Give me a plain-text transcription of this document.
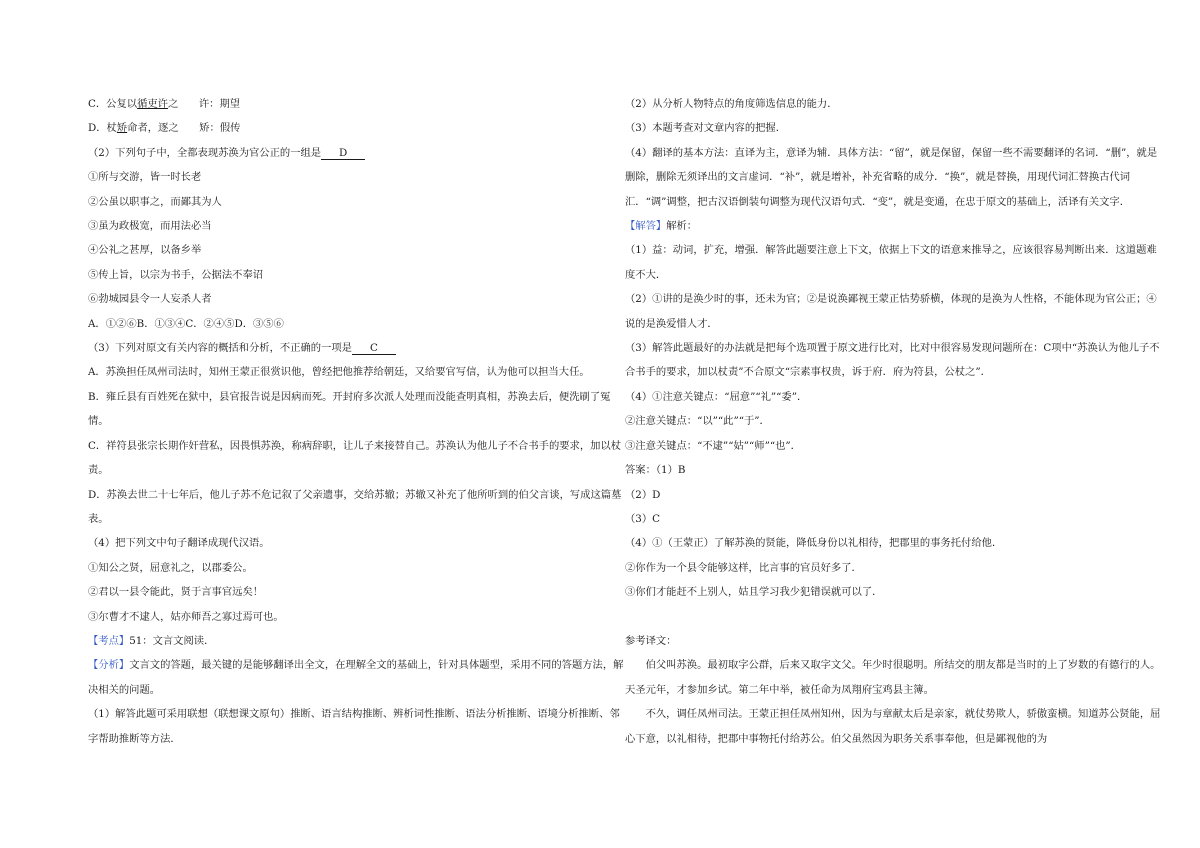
C．公复以循吏许之　　许：期望
D．杖矫命者，逐之　　矫：假传
（2）下列句子中，全都表现苏涣为官公正的一组是 D
①所与交游，皆一时长老
②公虽以职事之，而鄙其为人
③虽为政极宽，而用法必当
④公礼之甚厚，以备乡举
⑤传上旨，以宗为书手，公据法不奉诏
⑥勃城园县令一人妄杀人者
A．①②⑥B．①③④C．②④⑤D．③⑤⑥
（3）下列对原文有关内容的概括和分析，不正确的一项是 C
A．苏涣担任凤州司法时，知州王蒙正很赏识他，曾经把他推荐给朝廷，又给要官写信，认为他可以担当大任。
B．雍丘县有百姓死在狱中，县官报告说是因病而死。开封府多次派人处理而没能查明真相，苏涣去后，便洗刷了冤情。
C．祥符县张宗长期作奸营私，因畏惧苏涣，称病辞职，让儿子来接替自己。苏涣认为他儿子不合书手的要求，加以杖责。
D．苏涣去世二十七年后，他儿子苏不危记叙了父亲遗事，交给苏辙；苏辙又补充了他所听到的伯父言谈，写成这篇墓表。
（4）把下列文中句子翻译成现代汉语。
①知公之贤，屈意礼之，以郡委公。
②君以一县令能此，贤于言事官远矣！
③尔曹才不逮人，姑亦师吾之寡过焉可也。
【考点】51：文言文阅读．
【分析】文言文的答题，最关键的是能够翻译出全文，在理解全文的基础上，针对具体题型，采用不同的答题方法，解决相关的问题。
（1）解答此题可采用联想（联想课文原句）推断、语言结构推断、辨析词性推断、语法分析推断、语境分析推断、邻字帮助推断等方法．
（2）从分析人物特点的角度筛选信息的能力．
（3）本题考查对文章内容的把握．
（4）翻译的基本方法：直译为主，意译为辅．具体方法：“留”，就是保留，保留一些不需要翻译的名词．“删”，就是删除，删除无须译出的文言虚词．“补”，就是增补，补充省略的成分．“换”，就是替换，用现代词汇替换古代词汇．“调”调整，把古汉语倒装句调整为现代汉语句式．“变”，就是变通，在忠于原文的基础上，活译有关文字．
【解答】解析：
（1）益：动词，扩充，增强．解答此题要注意上下文，依据上下文的语意来推导之，应该很容易判断出来．这道题难度不大．
（2）①讲的是涣少时的事，还未为官；②是说涣鄙视王蒙正怙势骄横，体现的是涣为人性格，不能体现为官公正；④说的是涣爱惜人才．
（3）解答此题最好的办法就是把每个选项置于原文进行比对，比对中很容易发现问题所在：C项中“苏涣认为他儿子不合书手的要求，加以杖责”不合原文“宗素事权贵，诉于府．府为符县，公杖之”．
（4）①注意关键点：“屈意”“礼”“委”．
②注意关键点：“以”“此”“于”．
③注意关键点：“不逮”“姑”“师”“也”．
答案：（1）B
（2）D
（3）C
（4）①（王蒙正）了解苏涣的贤能，降低身份以礼相待，把郡里的事务托付给他．
②你作为一个县令能够这样，比言事的官员好多了．
③你们才能赶不上别人，姑且学习我少犯错误就可以了．
参考译文：
伯父叫苏涣。最初取字公群，后来又取字文父。年少时很聪明。所结交的朋友都是当时的上了岁数的有德行的人。天圣元年，才参加乡试。第二年中举，被任命为凤翔府宝鸡县主簿。
不久，调任凤州司法。王蒙正担任凤州知州，因为与章献太后是亲家，就仗势欺人，骄傲蛮横。知道苏公贤能，屈心下意，以礼相待，把郡中事物托付给苏公。伯父虽然因为职务关系事奉他，但是鄙视他的为
